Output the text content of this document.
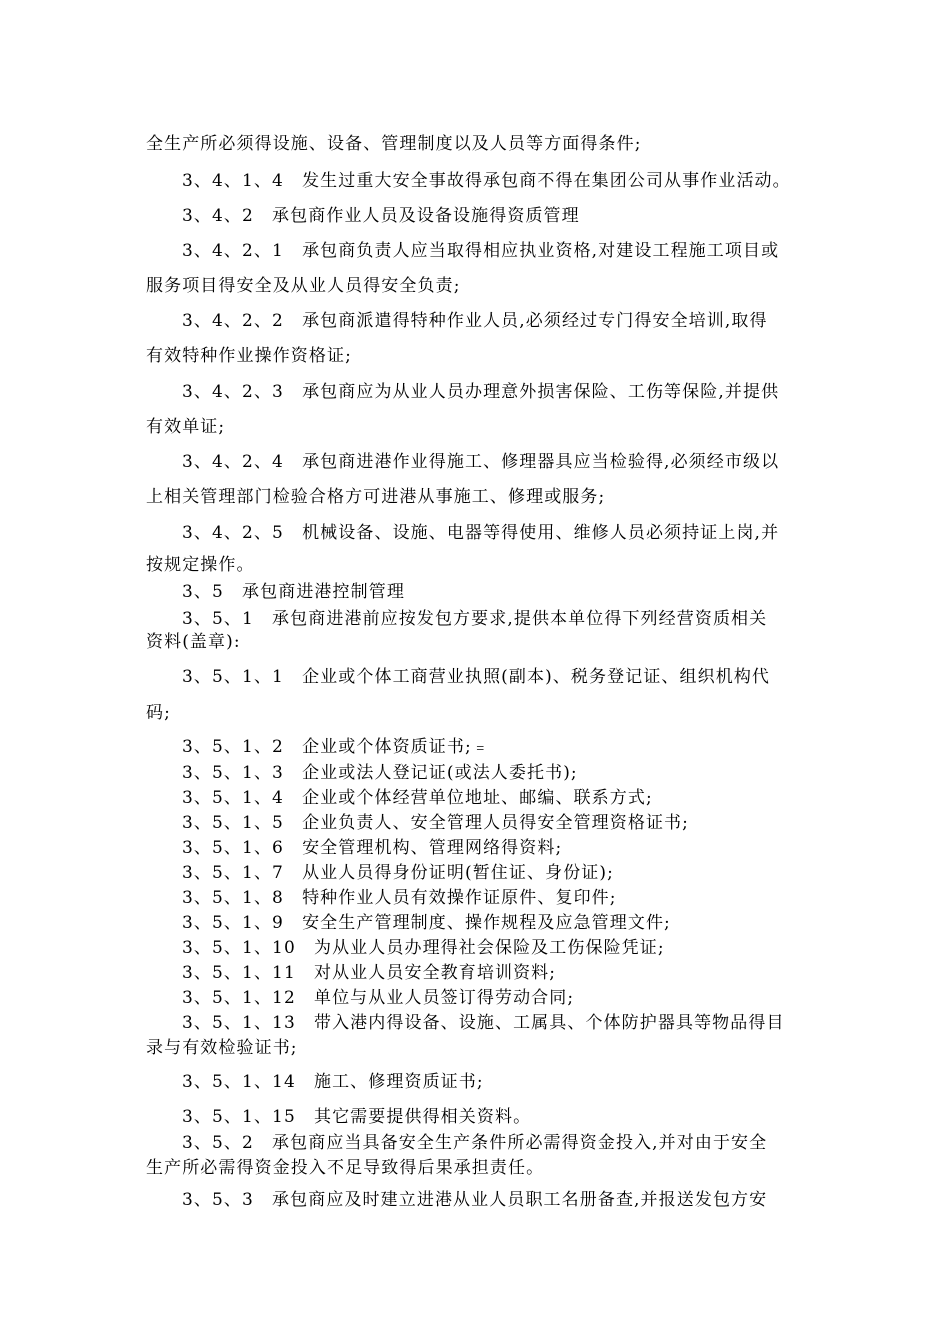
全生产所必须得设施、设备、管理制度以及人员等方面得条件;

3、4、1、4　发生过重大安全事故得承包商不得在集团公司从事作业活动。

3、4、2　承包商作业人员及设备设施得资质管理

3、4、2、1　承包商负责人应当取得相应执业资格,对建设工程施工项目或

服务项目得安全及从业人员得安全负责;

3、4、2、2　承包商派遣得特种作业人员,必须经过专门得安全培训,取得

有效特种作业操作资格证;

3、4、2、3　承包商应为从业人员办理意外损害保险、工伤等保险,并提供

有效单证;

3、4、2、4　承包商进港作业得施工、修理器具应当检验得,必须经市级以

上相关管理部门检验合格方可进港从事施工、修理或服务;

3、4、2、5　机械设备、设施、电器等得使用、维修人员必须持证上岗,并

按规定操作。

3、5　承包商进港控制管理

3、5、1　承包商进港前应按发包方要求,提供本单位得下列经营资质相关

资料(盖章):

3、5、1、1　企业或个体工商营业执照(副本)、税务登记证、组织机构代

码;

3、5、1、2　企业或个体资质证书;﹦

3、5、1、3　企业或法人登记证(或法人委托书);

3、5、1、4　企业或个体经营单位地址、邮编、联系方式;

3、5、1、5　企业负责人、安全管理人员得安全管理资格证书;

3、5、1、6　安全管理机构、管理网络得资料;

3、5、1、7　从业人员得身份证明(暂住证、身份证);

3、5、1、8　特种作业人员有效操作证原件、复印件;

3、5、1、9　安全生产管理制度、操作规程及应急管理文件;

3、5、1、10　为从业人员办理得社会保险及工伤保险凭证;

3、5、1、11　对从业人员安全教育培训资料;

3、5、1、12　单位与从业人员签订得劳动合同;

3、5、1、13　带入港内得设备、设施、工属具、个体防护器具等物品得目

录与有效检验证书;

3、5、1、14　施工、修理资质证书;

3、5、1、15　其它需要提供得相关资料。

3、5、2　承包商应当具备安全生产条件所必需得资金投入,并对由于安全

生产所必需得资金投入不足导致得后果承担责任。

3、5、3　承包商应及时建立进港从业人员职工名册备查,并报送发包方安
